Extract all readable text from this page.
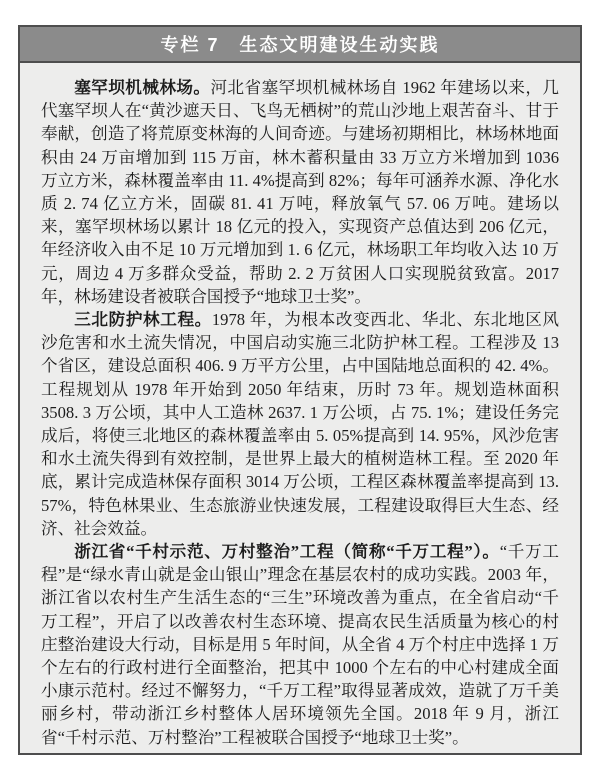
专栏 7　生态文明建设生动实践

塞罕坝机械林场。河北省塞罕坝机械林场自 1962 年建场以来，几代塞罕坝人在“黄沙遮天日、飞鸟无栖树”的荒山沙地上艰苦奋斗、甘于奉献，创造了将荒原变林海的人间奇迹。与建场初期相比，林场林地面积由 24 万亩增加到 115 万亩，林木蓄积量由 33 万立方米增加到 1036 万立方米，森林覆盖率由 11. 4%提高到 82%；每年可涵养水源、净化水质 2. 74 亿立方米，固碳 81. 41 万吨，释放氧气 57. 06 万吨。建场以来，塞罕坝林场以累计 18 亿元的投入，实现资产总值达到 206 亿元，年经济收入由不足 10 万元增加到 1. 6 亿元，林场职工年均收入达 10 万元，周边 4 万多群众受益，帮助 2. 2 万贫困人口实现脱贫致富。2017 年，林场建设者被联合国授予“地球卫士奖”。

三北防护林工程。1978 年，为根本改变西北、华北、东北地区风沙危害和水土流失情况，中国启动实施三北防护林工程。工程涉及 13 个省区，建设总面积 406. 9 万平方公里，占中国陆地总面积的 42. 4%。工程规划从 1978 年开始到 2050 年结束，历时 73 年。规划造林面积 3508. 3 万公顷，其中人工造林 2637. 1 万公顷，占 75. 1%；建设任务完成后，将使三北地区的森林覆盖率由 5. 05%提高到 14. 95%，风沙危害和水土流失得到有效控制，是世界上最大的植树造林工程。至 2020 年底，累计完成造林保存面积 3014 万公顷，工程区森林覆盖率提高到 13. 57%，特色林果业、生态旅游业快速发展，工程建设取得巨大生态、经济、社会效益。

浙江省“千村示范、万村整治”工程（简称“千万工程”）。“千万工程”是“绿水青山就是金山银山”理念在基层农村的成功实践。2003 年，浙江省以农村生产生活生态的“三生”环境改善为重点，在全省启动“千万工程”，开启了以改善农村生态环境、提高农民生活质量为核心的村庄整治建设大行动，目标是用 5 年时间，从全省 4 万个村庄中选择 1 万个左右的行政村进行全面整治，把其中 1000 个左右的中心村建成全面小康示范村。经过不懈努力，“千万工程”取得显著成效，造就了万千美丽乡村，带动浙江乡村整体人居环境领先全国。2018 年 9 月，浙江省“千村示范、万村整治”工程被联合国授予“地球卫士奖”。
